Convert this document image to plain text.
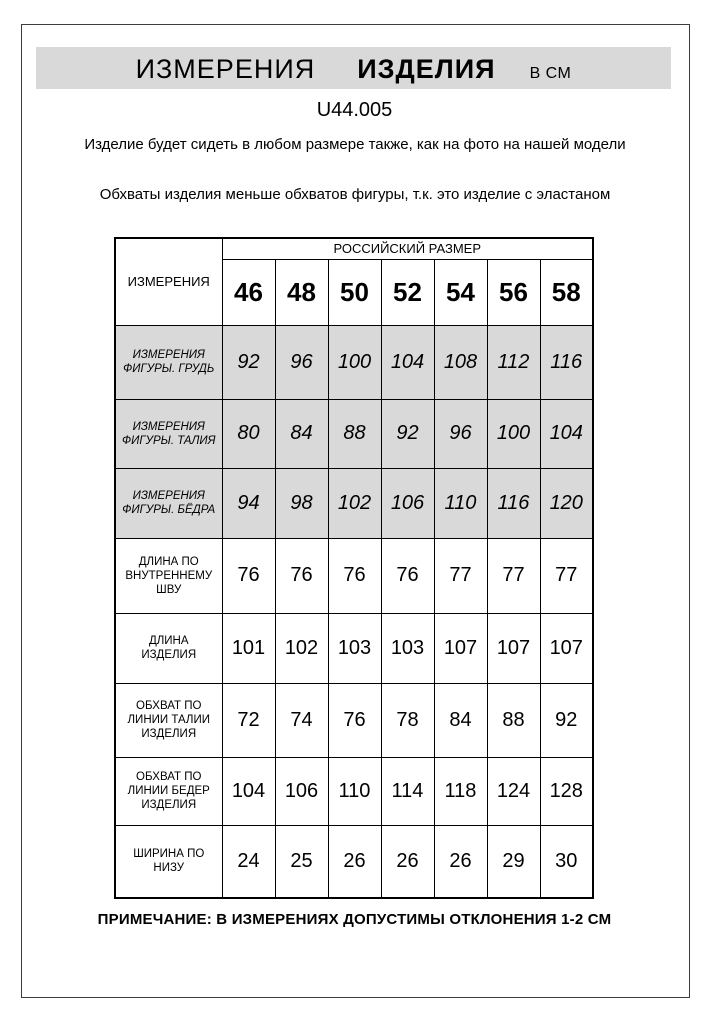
ИЗМЕРЕНИЯ ИЗДЕЛИЯ В СМ
U44.005
Изделие будет сидеть в любом размере также, как на фото на нашей модели
Обхваты изделия меньше обхватов фигуры, т.к. это изделие с эластаном
ИЗМЕРЕНИЯ	РОССИЙСКИЙ РАЗМЕР						
	46	48	50	52	54	56	58
ИЗМЕРЕНИЯ ФИГУРЫ. ГРУДЬ	92	96	100	104	108	112	116
ИЗМЕРЕНИЯ ФИГУРЫ. ТАЛИЯ	80	84	88	92	96	100	104
ИЗМЕРЕНИЯ ФИГУРЫ. БЁДРА	94	98	102	106	110	116	120
ДЛИНА ПО ВНУТРЕННЕМУ ШВУ	76	76	76	76	77	77	77
ДЛИНА ИЗДЕЛИЯ	101	102	103	103	107	107	107
ОБХВАТ ПО ЛИНИИ ТАЛИИ ИЗДЕЛИЯ	72	74	76	78	84	88	92
ОБХВАТ ПО ЛИНИИ БЕДЕР ИЗДЕЛИЯ	104	106	110	114	118	124	128
ШИРИНА ПО НИЗУ	24	25	26	26	26	29	30
ПРИМЕЧАНИЕ: В ИЗМЕРЕНИЯХ ДОПУСТИМЫ ОТКЛОНЕНИЯ 1-2 СМ
